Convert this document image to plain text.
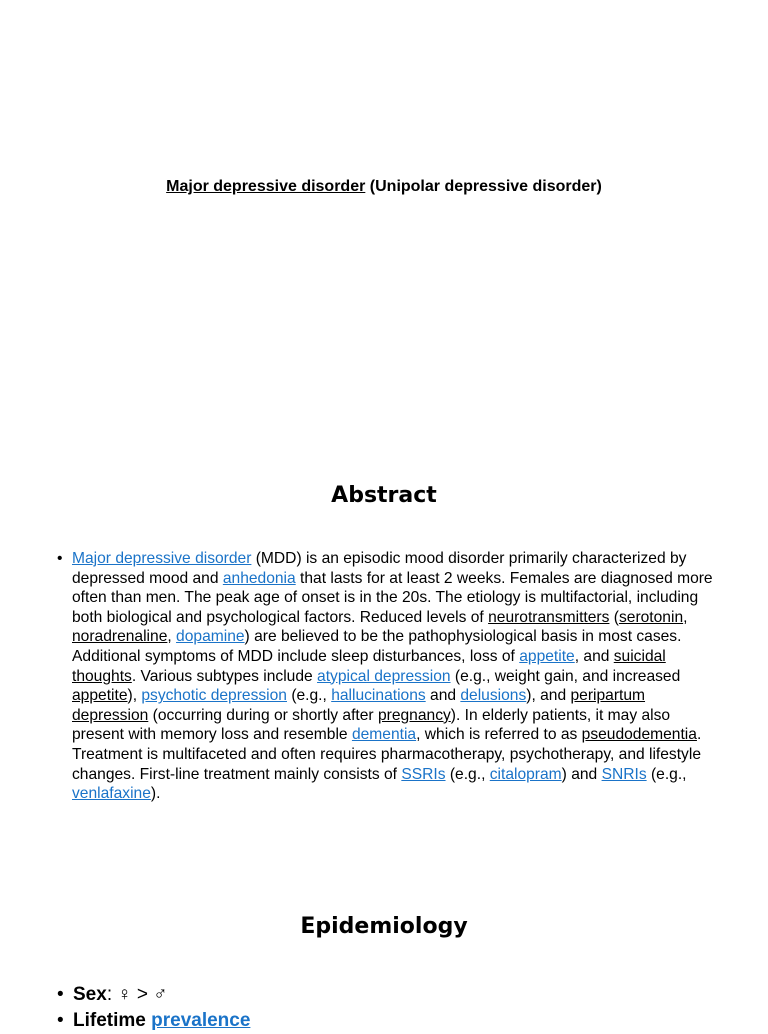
Major depressive disorder (Unipolar depressive disorder)
Abstract
• Major depressive disorder (MDD) is an episodic mood disorder primarily characterized by depressed mood and anhedonia that lasts for at least 2 weeks. Females are diagnosed more often than men. The peak age of onset is in the 20s. The etiology is multifactorial, including both biological and psychological factors. Reduced levels of neurotransmitters (serotonin, noradrenaline, dopamine) are believed to be the pathophysiological basis in most cases. Additional symptoms of MDD include sleep disturbances, loss of appetite, and suicidal thoughts. Various subtypes include atypical depression (e.g., weight gain, and increased appetite), psychotic depression (e.g., hallucinations and delusions), and peripartum depression (occurring during or shortly after pregnancy). In elderly patients, it may also present with memory loss and resemble dementia, which is referred to as pseudodementia. Treatment is multifaceted and often requires pharmacotherapy, psychotherapy, and lifestyle changes. First-line treatment mainly consists of SSRIs (e.g., citalopram) and SNRIs (e.g., venlafaxine).
Epidemiology
• Sex: ♀ > ♂
• Lifetime prevalence
